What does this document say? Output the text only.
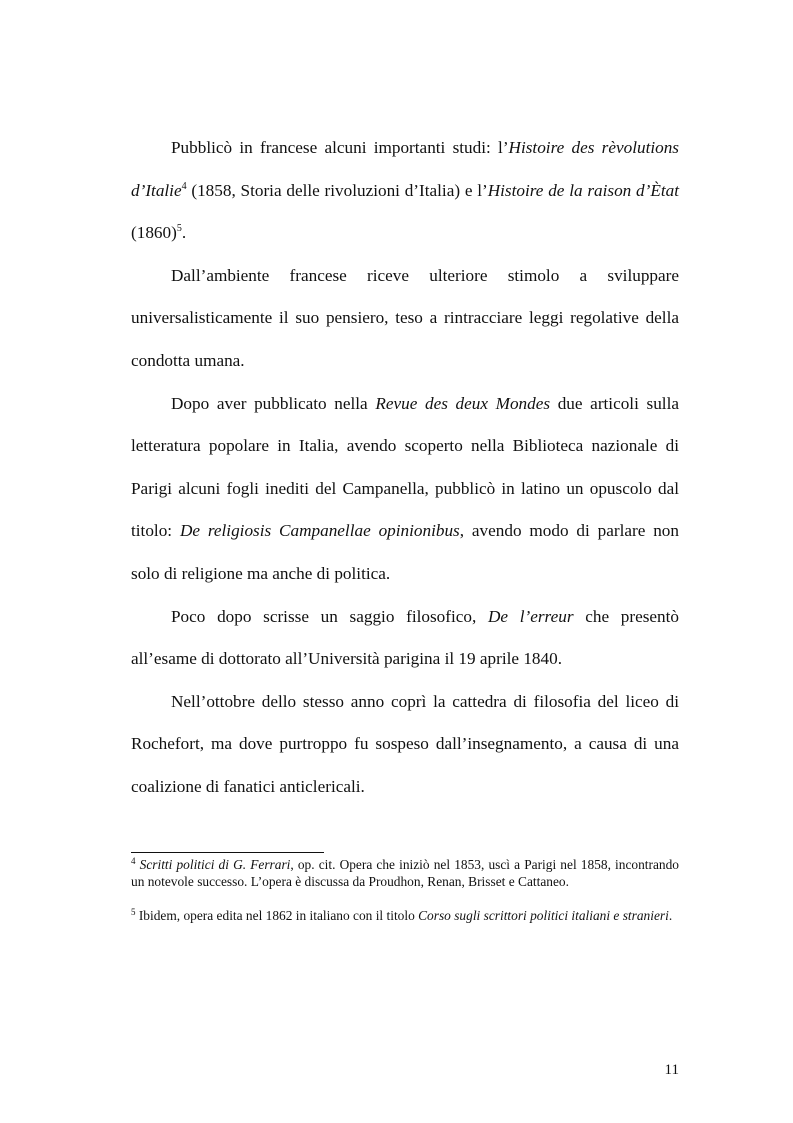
Pubblicò in francese alcuni importanti studi: l’Histoire des rèvolutions d’Italie$^4$ (1858, Storia delle rivoluzioni d’Italia) e l’Histoire de la raison d’Ètat $(1860)^5$.

Dall’ambiente francese riceve ulteriore stimolo a sviluppare universalisticamente il suo pensiero, teso a rintracciare leggi regolative della condotta umana.

Dopo aver pubblicato nella Revue des deux Mondes due articoli sulla letteratura popolare in Italia, avendo scoperto nella Biblioteca nazionale di Parigi alcuni fogli inediti del Campanella, pubblicò in latino un opuscolo dal titolo: De religiosis Campanellae opinionibus, avendo modo di parlare non solo di religione ma anche di politica.

Poco dopo scrisse un saggio filosofico, De l’erreur che presentò all’esame di dottorato all’Università parigina il 19 aprile 1840.

Nell’ottobre dello stesso anno coprì la cattedra di filosofia del liceo di Rochefort, ma dove purtroppo fu sospeso dall’insegnamento, a causa di una coalizione di fanatici anticlericali.

$^4$ Scritti politici di G. Ferrari, op. cit. Opera che iniziò nel 1853, uscì a Parigi nel 1858, incontrando un notevole successo. L’opera è discussa da Proudhon, Renan, Brisset e Cattaneo.

$^5$ Ibidem, opera edita nel 1862 in italiano con il titolo Corso sugli scrittori politici italiani e stranieri.

11
